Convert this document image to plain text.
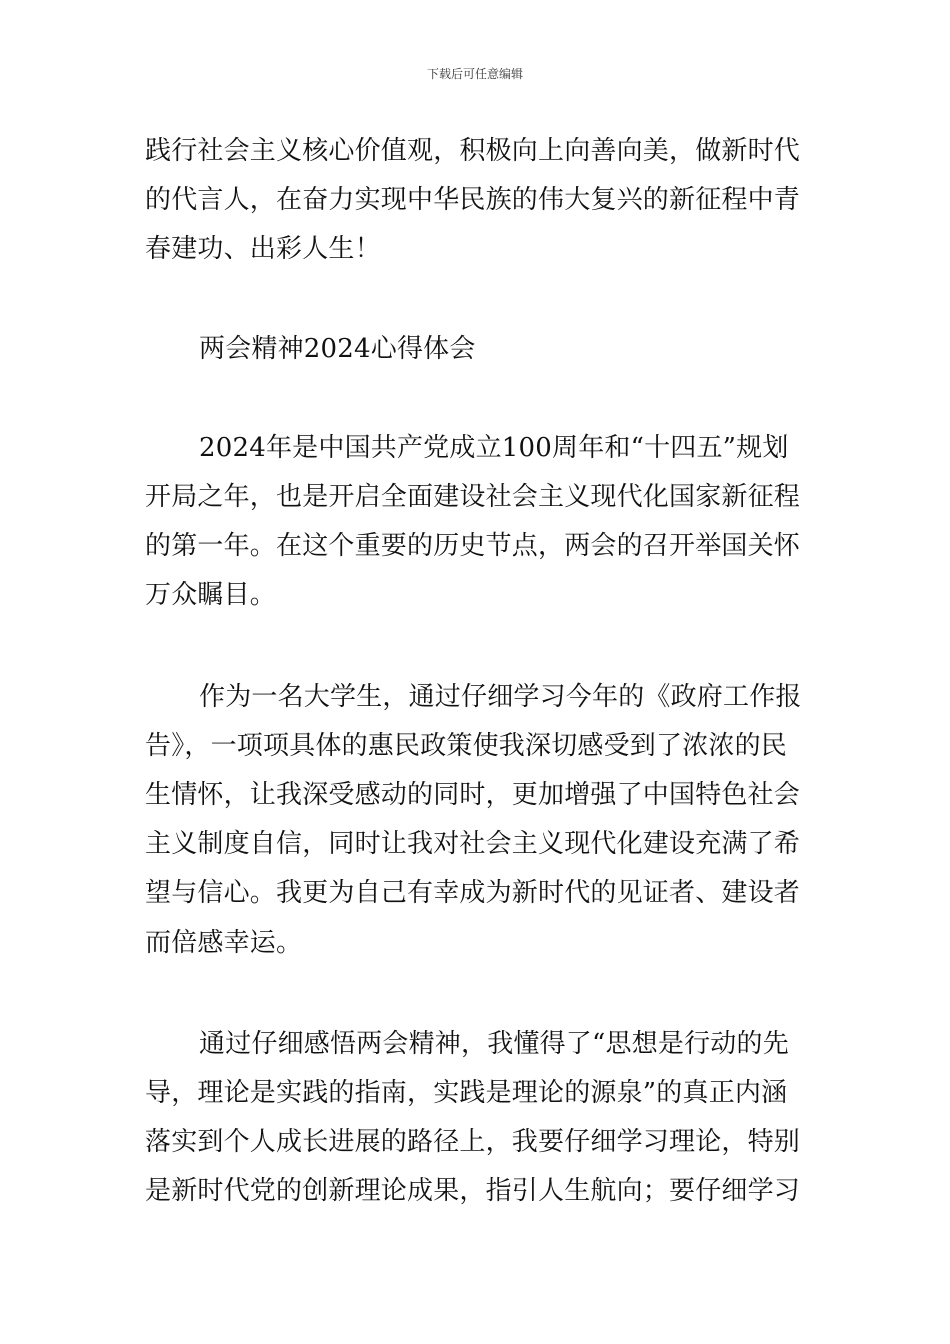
下载后可任意编辑

践行社会主义核心价值观，积极向上向善向美，做新时代
的代言人，在奋力实现中华民族的伟大复兴的新征程中青
春建功、出彩人生！

两会精神2024心得体会

2024年是中国共产党成立100周年和“十四五”规划
开局之年，也是开启全面建设社会主义现代化国家新征程
的第一年。在这个重要的历史节点，两会的召开举国关怀
万众瞩目。

作为一名大学生，通过仔细学习今年的《政府工作报
告》，一项项具体的惠民政策使我深切感受到了浓浓的民
生情怀，让我深受感动的同时，更加增强了中国特色社会
主义制度自信，同时让我对社会主义现代化建设充满了希
望与信心。我更为自己有幸成为新时代的见证者、建设者
而倍感幸运。

通过仔细感悟两会精神，我懂得了“思想是行动的先
导，理论是实践的指南，实践是理论的源泉”的真正内涵
落实到个人成长进展的路径上，我要仔细学习理论，特别
是新时代党的创新理论成果，指引人生航向；要仔细学习
